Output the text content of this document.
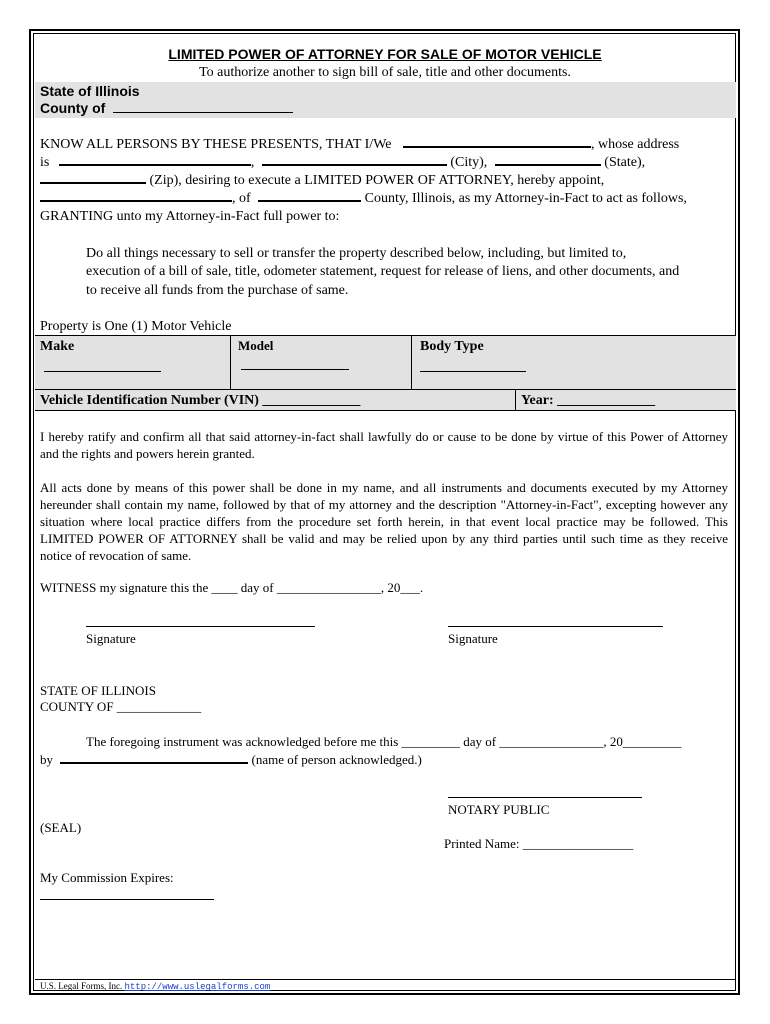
LIMITED POWER OF ATTORNEY FOR SALE OF MOTOR VEHICLE
To authorize another to sign bill of sale, title and other documents.
State of Illinois
County of
KNOW ALL PERSONS BY THESE PRESENTS, THAT I/We	, whose address
is	,	(City),	(State),
(Zip), desiring to execute a LIMITED POWER OF ATTORNEY, hereby appoint,
, of	County, Illinois, as my Attorney-in-Fact to act as follows,
GRANTING unto my Attorney-in-Fact full power to:
Do all things necessary to sell or transfer the property described below, including, but limited to,
execution of a bill of sale, title, odometer statement, request for release of liens, and other documents, and
to receive all funds from the purchase of same.
Property is One (1) Motor Vehicle
Make	Model	Body Type
Vehicle Identification Number (VIN) ______________	Year: ______________
I hereby ratify and confirm all that said attorney-in-fact shall lawfully do or cause to be done by virtue of this Power of Attorney and the rights and powers herein granted.
All acts done by means of this power shall be done in my name, and all instruments and documents executed by my Attorney hereunder shall contain my name, followed by that of my attorney and the description "Attorney-in-Fact", excepting however any situation where local practice differs from the procedure set forth herein, in that event local practice may be followed. This LIMITED POWER OF ATTORNEY shall be valid and may be relied upon by any third parties until such time as they receive notice of revocation of same.
WITNESS my signature this the ____ day of ________________, 20___.
Signature	Signature
STATE OF ILLINOIS
COUNTY OF _____________
The foregoing instrument was acknowledged before me this _________ day of ________________, 20_________
by	(name of person acknowledged.)
NOTARY PUBLIC
(SEAL)
Printed Name: _________________
My Commission Expires:
U.S. Legal Forms, Inc. http://www.uslegalforms.com
